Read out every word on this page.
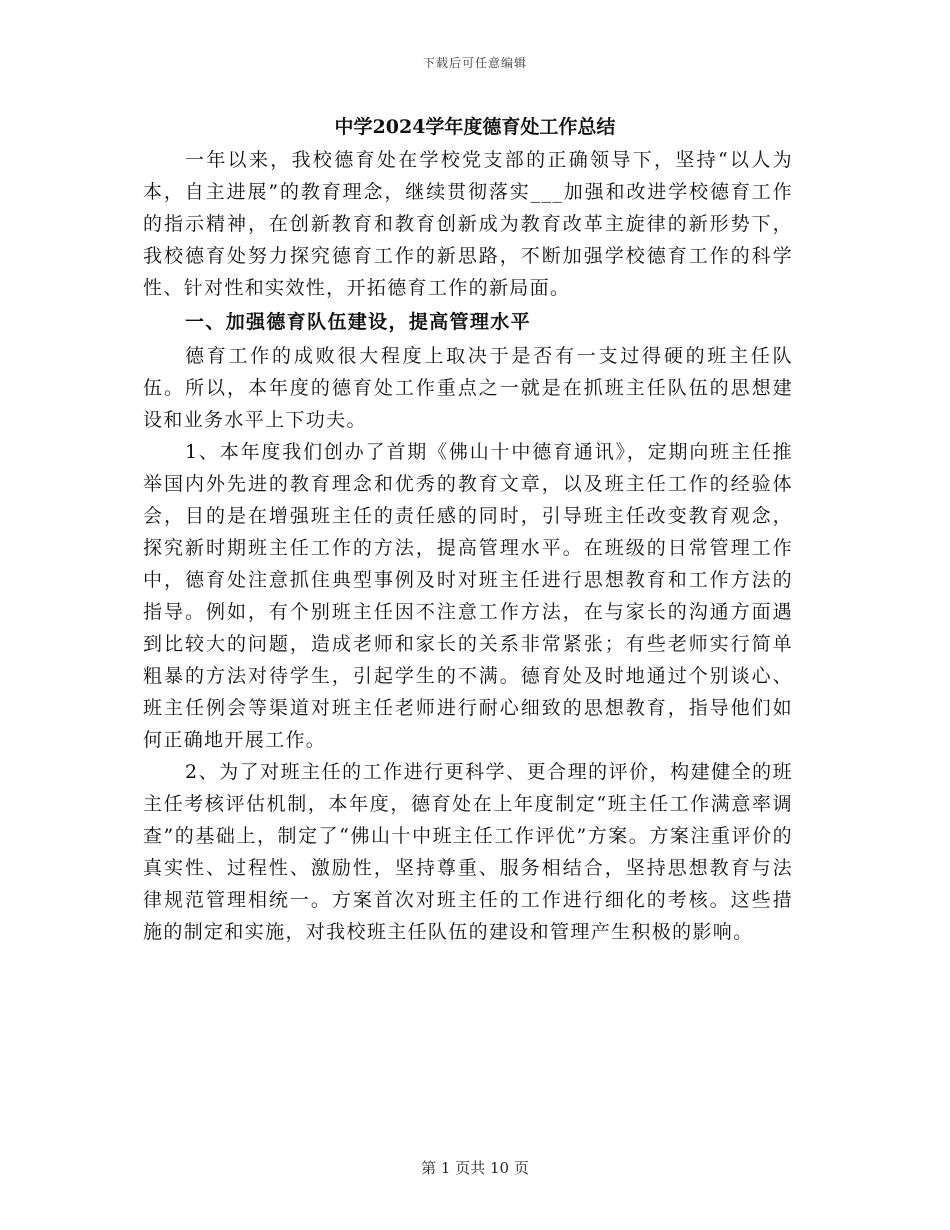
下载后可任意编辑
中学2024学年度德育处工作总结

一年以来，我校德育处在学校党支部的正确领导下，坚持“以人为本，自主进展”的教育理念，继续贯彻落实___加强和改进学校德育工作的指示精神，在创新教育和教育创新成为教育改革主旋律的新形势下，我校德育处努力探究德育工作的新思路，不断加强学校德育工作的科学性、针对性和实效性，开拓德育工作的新局面。

一、加强德育队伍建设，提高管理水平

德育工作的成败很大程度上取决于是否有一支过得硬的班主任队伍。所以，本年度的德育处工作重点之一就是在抓班主任队伍的思想建设和业务水平上下功夫。

1、本年度我们创办了首期《佛山十中德育通讯》，定期向班主任推举国内外先进的教育理念和优秀的教育文章，以及班主任工作的经验体会，目的是在增强班主任的责任感的同时，引导班主任改变教育观念，探究新时期班主任工作的方法，提高管理水平。在班级的日常管理工作中，德育处注意抓住典型事例及时对班主任进行思想教育和工作方法的指导。例如，有个别班主任因不注意工作方法，在与家长的沟通方面遇到比较大的问题，造成老师和家长的关系非常紧张；有些老师实行简单粗暴的方法对待学生，引起学生的不满。德育处及时地通过个别谈心、班主任例会等渠道对班主任老师进行耐心细致的思想教育，指导他们如何正确地开展工作。

2、为了对班主任的工作进行更科学、更合理的评价，构建健全的班主任考核评估机制，本年度，德育处在上年度制定“班主任工作满意率调查”的基础上，制定了“佛山十中班主任工作评优”方案。方案注重评价的真实性、过程性、激励性，坚持尊重、服务相结合，坚持思想教育与法律规范管理相统一。方案首次对班主任的工作进行细化的考核。这些措施的制定和实施，对我校班主任队伍的建设和管理产生积极的影响。

第 1 页共 10 页
